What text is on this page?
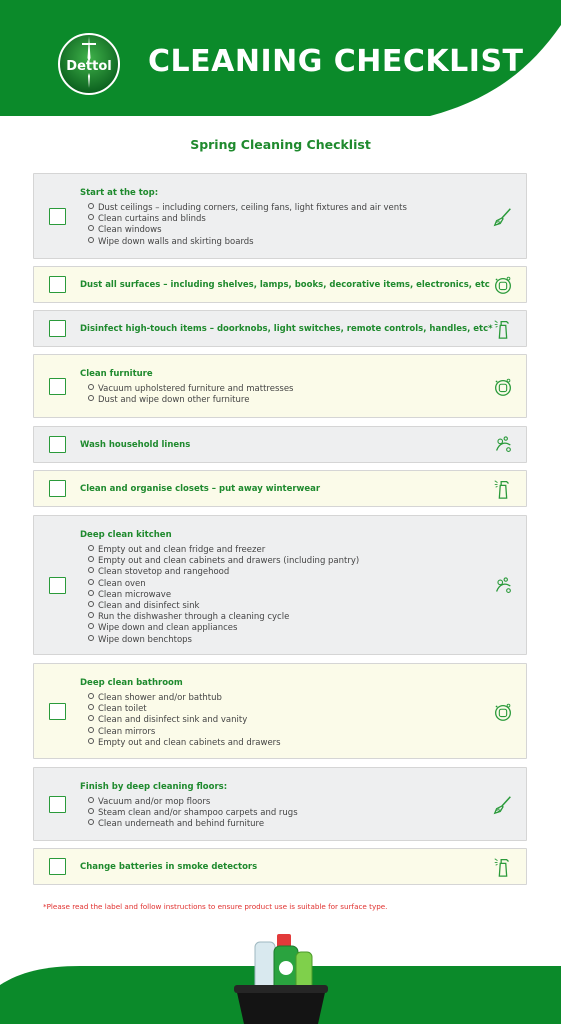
Dettol CLEANING CHECKLIST
Spring Cleaning Checklist
Start at the top:
Dust ceilings – including corners, ceiling fans, light fixtures and air vents
Clean curtains and blinds
Clean windows
Wipe down walls and skirting boards
Dust all surfaces – including shelves, lamps, books, decorative items, electronics, etc
Disinfect high-touch items – doorknobs, light switches, remote controls, handles, etc*
Clean furniture
Vacuum upholstered furniture and mattresses
Dust and wipe down other furniture
Wash household linens
Clean and organise closets – put away winterwear
Deep clean kitchen
Empty out and clean fridge and freezer
Empty out and clean cabinets and drawers (including pantry)
Clean stovetop and rangehood
Clean oven
Clean microwave
Clean and disinfect sink
Run the dishwasher through a cleaning cycle
Wipe down and clean appliances
Wipe down benchtops
Deep clean bathroom
Clean shower and/or bathtub
Clean toilet
Clean and disinfect sink and vanity
Clean mirrors
Empty out and clean cabinets and drawers
Finish by deep cleaning floors:
Vacuum and/or mop floors
Steam clean and/or shampoo carpets and rugs
Clean underneath and behind furniture
Change batteries in smoke detectors
*Please read the label and follow instructions to ensure product use is suitable for surface type.
